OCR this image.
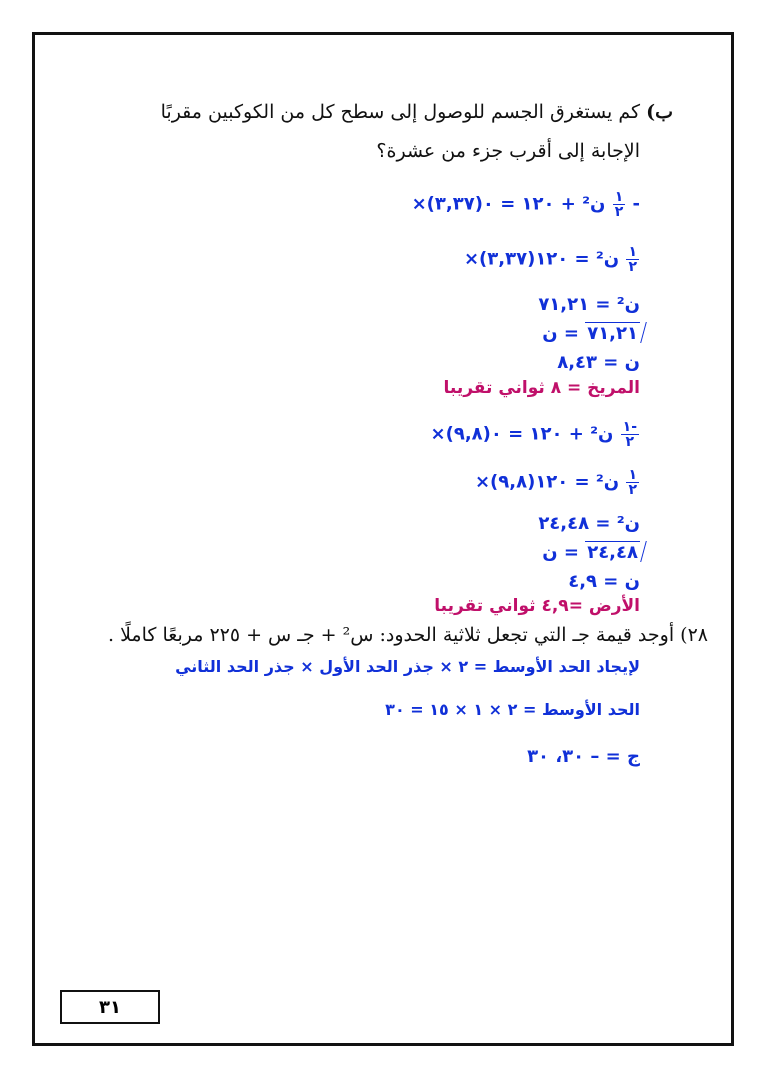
ب) كم يستغرق الجسم للوصول إلى سطح كل من الكوكبين مقربًا
الإجابة إلى أقرب جزء من عشرة؟
×(٣,٣٧)ن² + ١٢٠ = ٠ $\frac{١}{٢}$ -
×(٣,٣٧)ن² = ١٢٠ $\frac{١}{٢}$
ن² = ٧١,٢١
ن = ٧١,٢١
ن = ٨,٤٣
المريخ = ٨ ثواني تقريبا
×(٩,٨)ن² + ١٢٠ = ٠ $\frac{١-}{٢}$
×(٩,٨)ن² = ١٢٠ $\frac{١}{٢}$
ن² = ٢٤,٤٨
ن = ٢٤,٤٨
ن = ٤,٩
الأرض =٤,٩ ثواني تقريبا
٢٨) أوجد قيمة جـ التي تجعل ثلاثية الحدود: س² + جـ س + ٢٢٥ مربعًا كاملًا .
لإيجاد الحد الأوسط = ٢ × جذر الحد الأول × جذر الحد الثاني
الحد الأوسط = ٢ × ١ × ١٥ = ٣٠
ج = – ٣٠، ٣٠
٣١
